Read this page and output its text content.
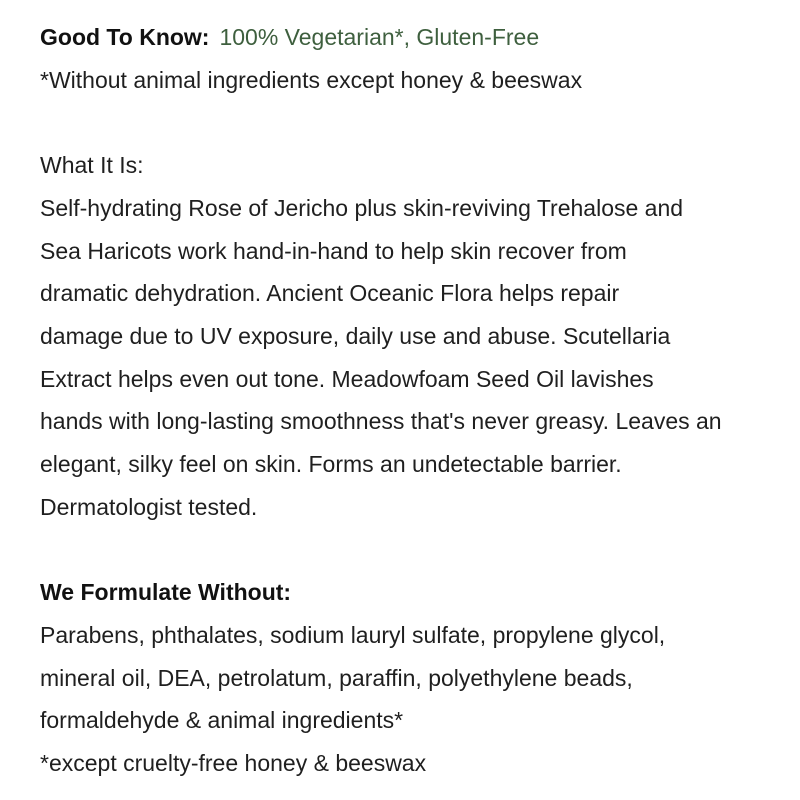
Good To Know: 100% Vegetarian*, Gluten-Free

*Without animal ingredients except honey & beeswax

What It Is:

Self-hydrating Rose of Jericho plus skin-reviving Trehalose and

Sea Haricots work hand-in-hand to help skin recover from

dramatic dehydration. Ancient Oceanic Flora helps repair

damage due to UV exposure, daily use and abuse. Scutellaria

Extract helps even out tone. Meadowfoam Seed Oil lavishes

hands with long-lasting smoothness that's never greasy. Leaves an

elegant, silky feel on skin. Forms an undetectable barrier.

Dermatologist tested.

We Formulate Without:

Parabens, phthalates, sodium lauryl sulfate, propylene glycol,

mineral oil, DEA, petrolatum, paraffin, polyethylene beads,

formaldehyde & animal ingredients*

*except cruelty-free honey & beeswax
